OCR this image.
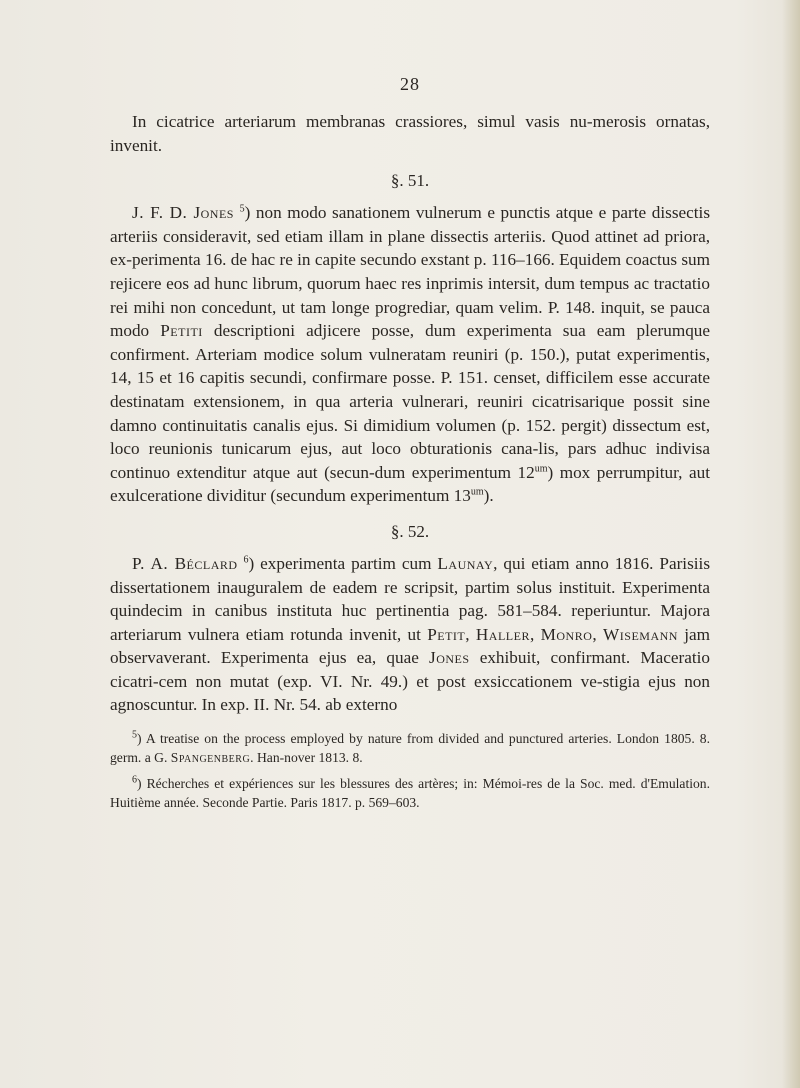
28

In cicatrice arteriarum membranas crassiores, simul vasis nu-merosis ornatas, invenit.

§. 51.

J. F. D. Jones $^5$) non modo sanationem vulnerum e punctis atque e parte dissectis arteriis consideravit, sed etiam illam in plane dissectis arteriis. Quod attinet ad priora, ex-perimenta 16. de hac re in capite secundo exstant p. 116–166. Equidem coactus sum rejicere eos ad hunc librum, quorum haec res inprimis intersit, dum tempus ac tractatio rei mihi non concedunt, ut tam longe progrediar, quam velim. P. 148. inquit, se pauca modo Petiti descriptioni adjicere posse, dum experimenta sua eam plerumque confirment. Arteriam modice solum vulneratam reuniri (p. 150.), putat experimentis, 14, 15 et 16 capitis secundi, confirmare posse. P. 151. censet, difficilem esse accurate destinatam extensionem, in qua arteria vulnerari, reuniri cicatrisarique possit sine damno continuitatis canalis ejus. Si dimidium volumen (p. 152. pergit) dissectum est, loco reunionis tunicarum ejus, aut loco obturationis cana-lis, pars adhuc indivisa continuo extenditur atque aut (secun-dum experimentum $12^{um}$) mox perrumpitur, aut exulceratione dividitur (secundum experimentum $13^{um}$).

§. 52.

P. A. Béclard $^6$) experimenta partim cum Launay, qui etiam anno 1816. Parisiis dissertationem inauguralem de eadem re scripsit, partim solus instituit. Experimenta quindecim in canibus instituta huc pertinentia pag. 581–584. reperiuntur. Majora arteriarum vulnera etiam rotunda invenit, ut Petit, Haller, Monro, Wisemann jam observaverant. Experimenta ejus ea, quae Jones exhibuit, confirmant. Maceratio cicatri-cem non mutat (exp. VI. Nr. 49.) et post exsiccationem ve-stigia ejus non agnoscuntur. In exp. II. Nr. 54. ab externo

$^5$) A treatise on the process employed by nature from divided and punctured arteries. London 1805. 8. germ. a G. Spangenberg. Han-nover 1813. 8.

$^6$) Récherches et expériences sur les blessures des artères; in: Mémoi-res de la Soc. med. d'Emulation. Huitième année. Seconde Partie. Paris 1817. p. 569–603.
